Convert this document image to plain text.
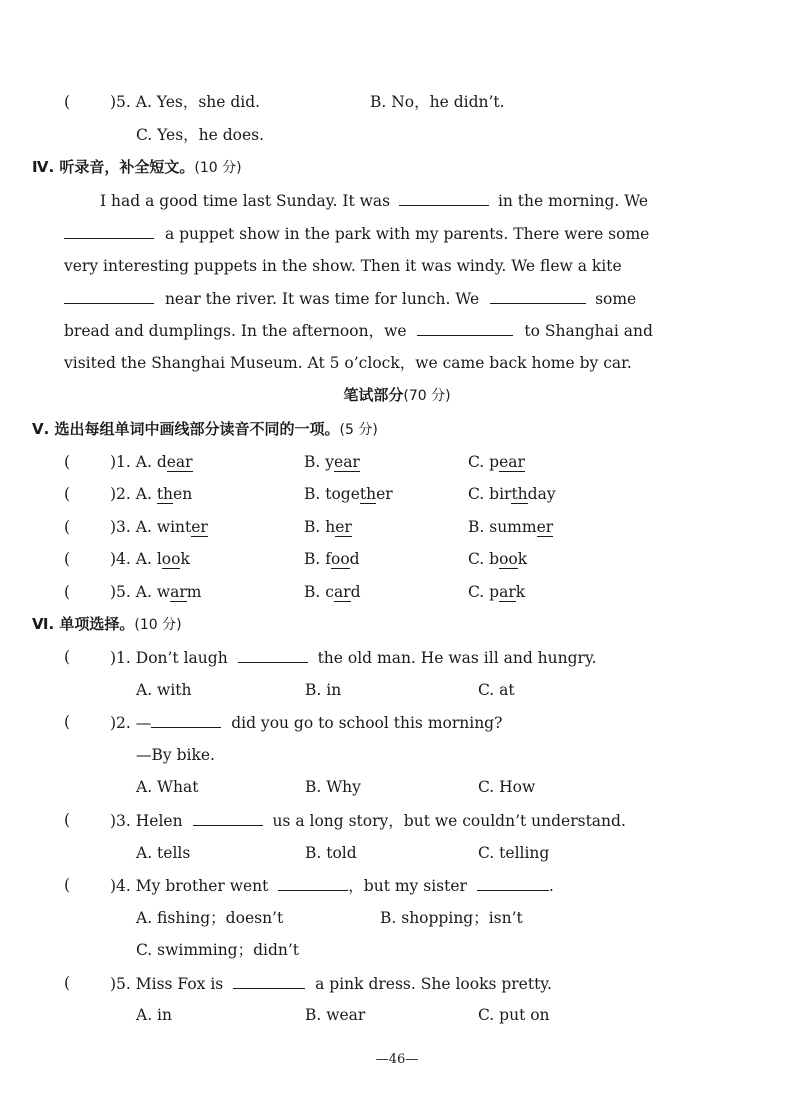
(	)5. A. Yes，she did.	B. No，he didn’t.
C. Yes，he does.
Ⅳ. 听录音，补全短文。(10 分)
I had a good time last Sunday. It was	in the morning. We
a puppet show in the park with my parents. There were some
very interesting puppets in the show. Then it was windy. We flew a kite
near the river. It was time for lunch. We	some
bread and dumplings. In the afternoon，we	to Shanghai and
visited the Shanghai Museum. At 5 o’clock，we came back home by car.
笔试部分(70 分)
Ⅴ. 选出每组单词中画线部分读音不同的一项。(5 分)
(	)1. A. dear	B. year	C. pear
(	)2. A. then	B. together	C. birthday
(	)3. A. winter	B. her	B. summer
(	)4. A. look	B. food	C. book
(	)5. A. warm	B. card	C. park
Ⅵ. 单项选择。(10 分)
(	)1. Don’t laugh	the old man. He was ill and hungry.
A. with	B. in	C. at
(	)2. —	did you go to school this morning?
—By bike.
A. What	B. Why	C. How
(	)3. Helen	us a long story，but we couldn’t understand.
A. tells	B. told	C. telling
(	)4. My brother went	，but my sister	.
A. fishing；doesn’t	B. shopping；isn’t
C. swimming；didn’t
(	)5. Miss Fox is	a pink dress. She looks pretty.
A. in	B. wear	C. put on
—46—
